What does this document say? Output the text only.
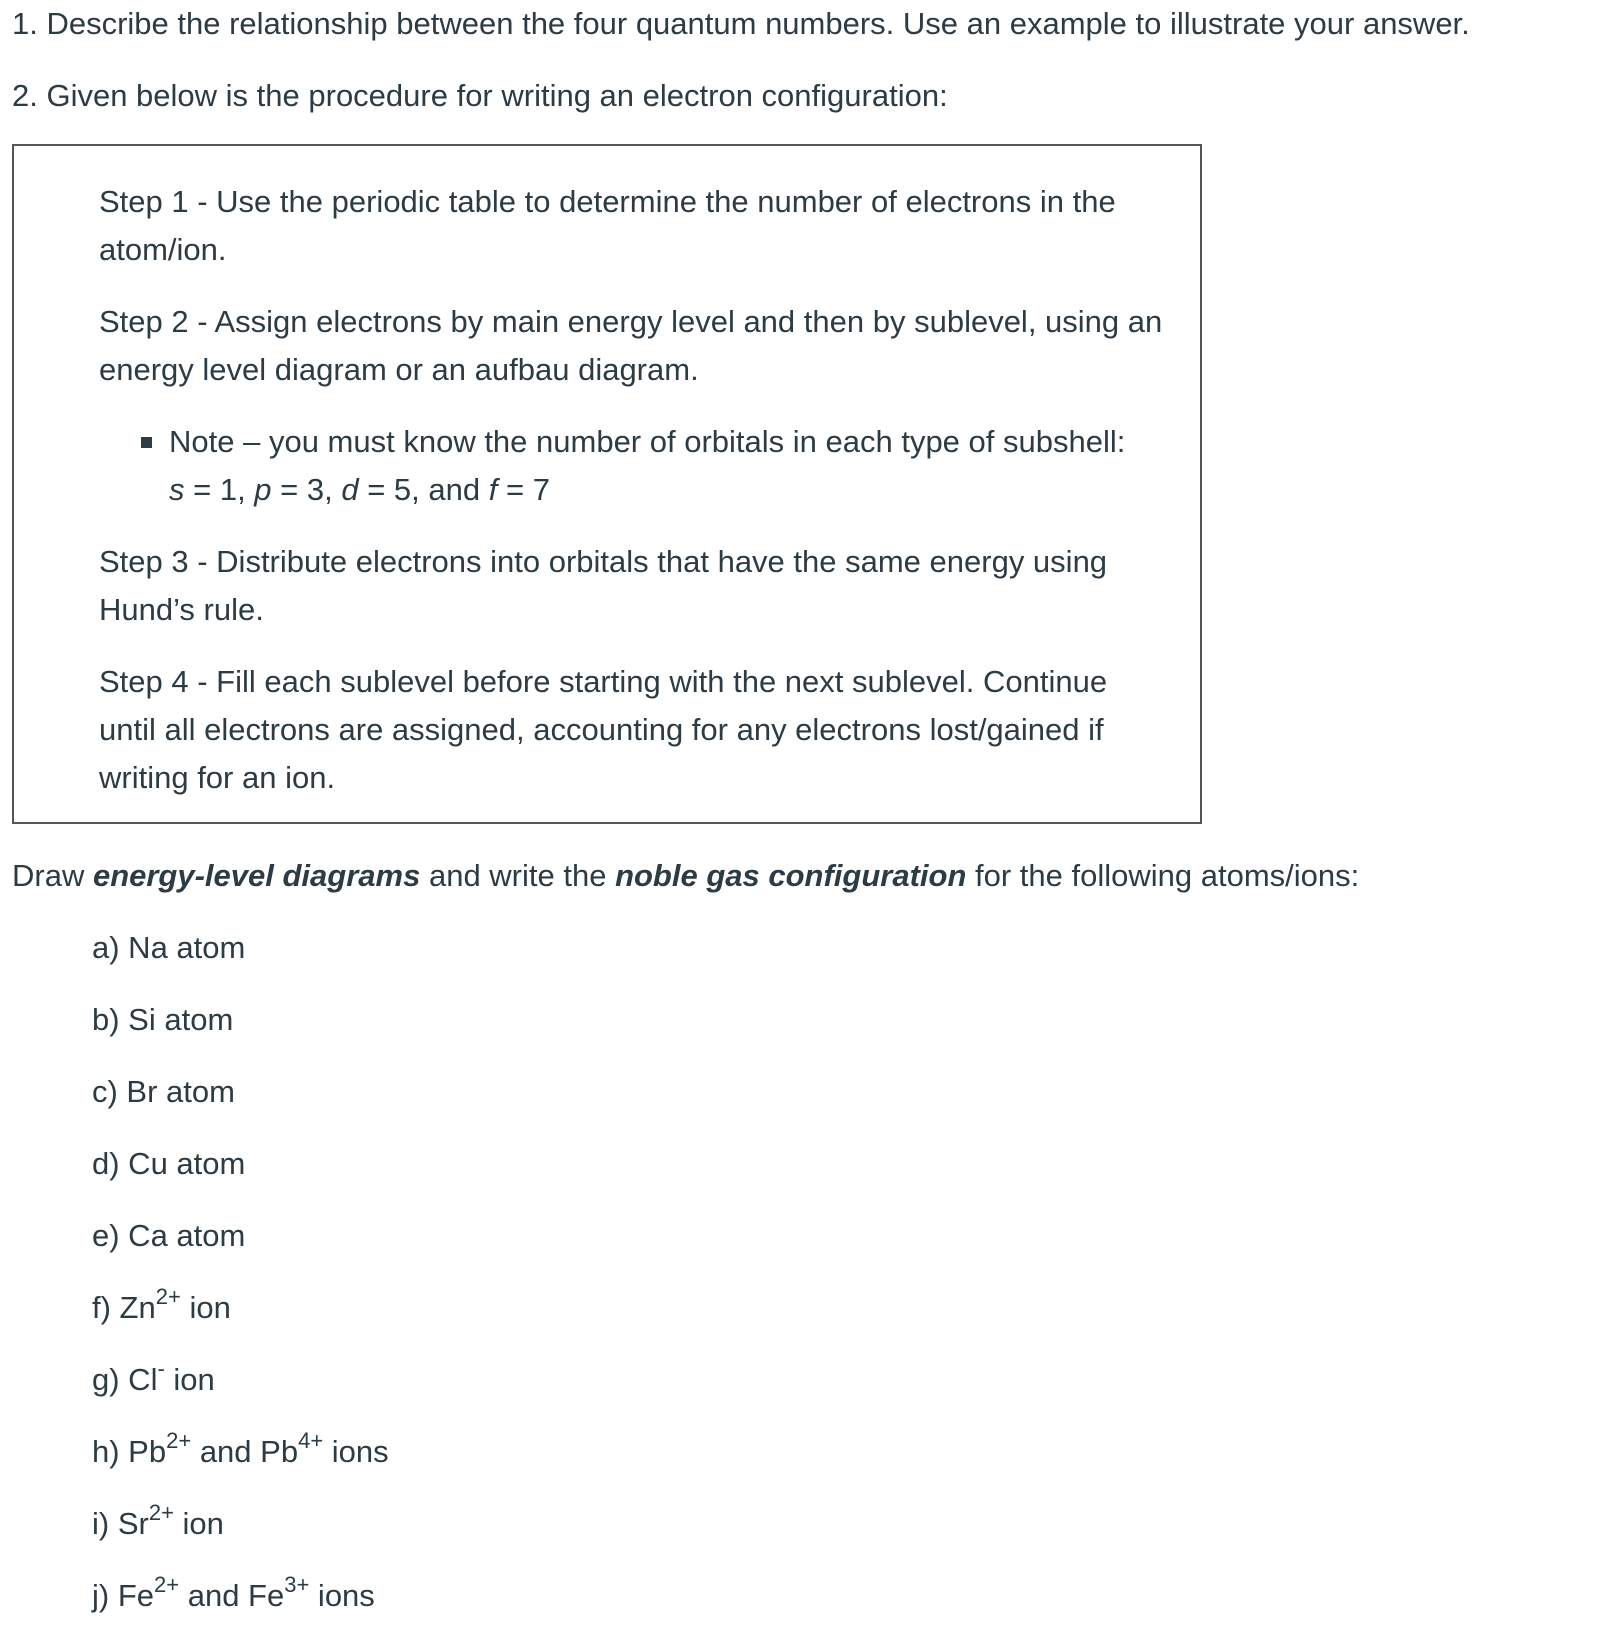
1. Describe the relationship between the four quantum numbers. Use an example to illustrate your answer.

2. Given below is the procedure for writing an electron configuration:

Step 1 - Use the periodic table to determine the number of electrons in the
atom/ion.
Step 2 - Assign electrons by main energy level and then by sublevel, using an
energy level diagram or an aufbau diagram.
Note – you must know the number of orbitals in each type of subshell:
s = 1, p = 3, d = 5, and f = 7
Step 3 - Distribute electrons into orbitals that have the same energy using
Hund’s rule.
Step 4 - Fill each sublevel before starting with the next sublevel. Continue
until all electrons are assigned, accounting for any electrons lost/gained if
writing for an ion.

Draw energy-level diagrams and write the noble gas configuration for the following atoms/ions:

a) Na atom

b) Si atom

c) Br atom

d) Cu atom

e) Ca atom

f) $Zn^{2+}$ ion

g) Cl- ion

h) $Pb^{2+}$ and $Pb^{4+}$ ions

i) $Sr^{2+}$ ion

j) $Fe^{2+}$ and $Fe^{3+}$ ions
